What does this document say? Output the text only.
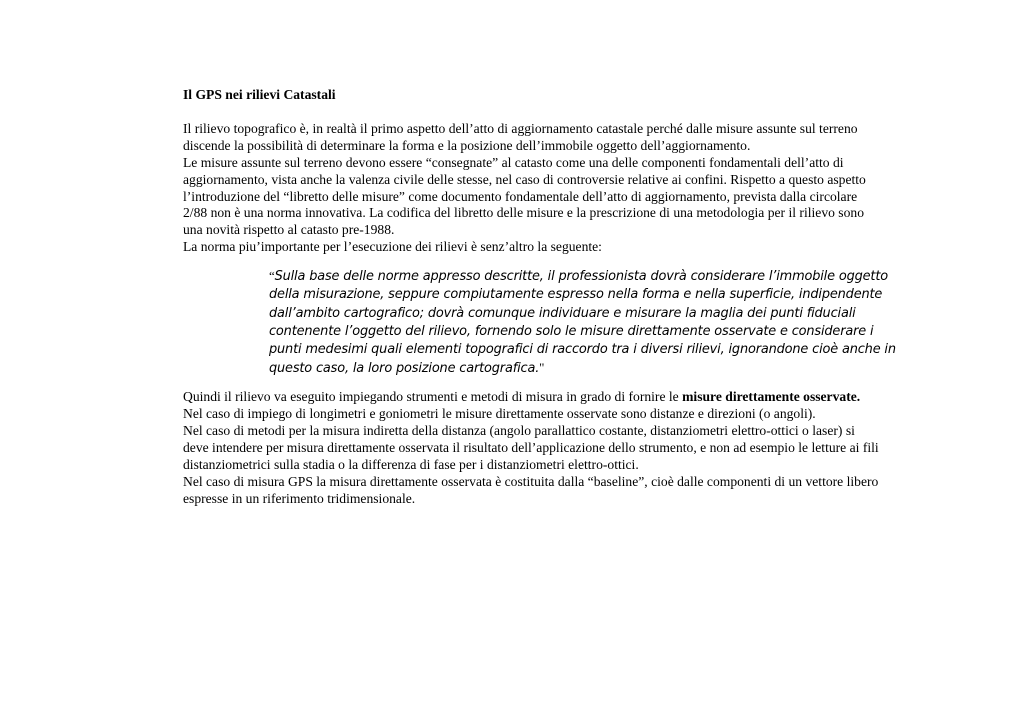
Il GPS nei rilievi Catastali

Il rilievo topografico è, in realtà il primo aspetto dell’atto di aggiornamento catastale perché dalle misure assunte sul terreno discende la possibilità di determinare la forma e la posizione dell’immobile oggetto dell’aggiornamento.

Le misure assunte sul terreno devono essere “consegnate” al catasto come una delle componenti fondamentali dell’atto di aggiornamento, vista anche la valenza civile delle stesse, nel caso di controversie relative ai confini. Rispetto a questo aspetto l’introduzione del “libretto delle misure” come documento fondamentale dell’atto di aggiornamento, prevista dalla circolare 2/88 non è una norma innovativa. La codifica del libretto delle misure e la prescrizione di una metodologia per il rilievo sono una novità rispetto al catasto pre-1988.

La norma piu’importante per l’esecuzione dei rilievi è senz’altro la seguente:

“Sulla base delle norme appresso descritte, il professionista dovrà considerare l’immobile oggetto della misurazione, seppure compiutamente espresso nella forma e nella superficie, indipendente dall’ambito cartografico; dovrà comunque individuare e misurare la maglia dei punti fiduciali contenente l’oggetto del rilievo, fornendo solo le misure direttamente osservate e considerare i punti medesimi quali elementi topografici di raccordo tra i diversi rilievi, ignorandone cioè anche in questo caso, la loro posizione cartografica."

Quindi il rilievo va eseguito impiegando strumenti e metodi di misura in grado di fornire le misure direttamente osservate.

Nel caso di impiego di longimetri e goniometri le misure direttamente osservate sono distanze e direzioni (o angoli).

Nel caso di metodi per la misura indiretta della distanza (angolo parallattico costante, distanziometri elettro-ottici o laser) si deve intendere per misura direttamente osservata il risultato dell’applicazione dello strumento, e non ad esempio le letture ai fili distanziometrici sulla stadia o la differenza di fase per i distanziometri elettro-ottici.

Nel caso di misura GPS la misura direttamente osservata è costituita dalla “baseline”, cioè dalle componenti di un vettore libero espresse in un riferimento tridimensionale.
